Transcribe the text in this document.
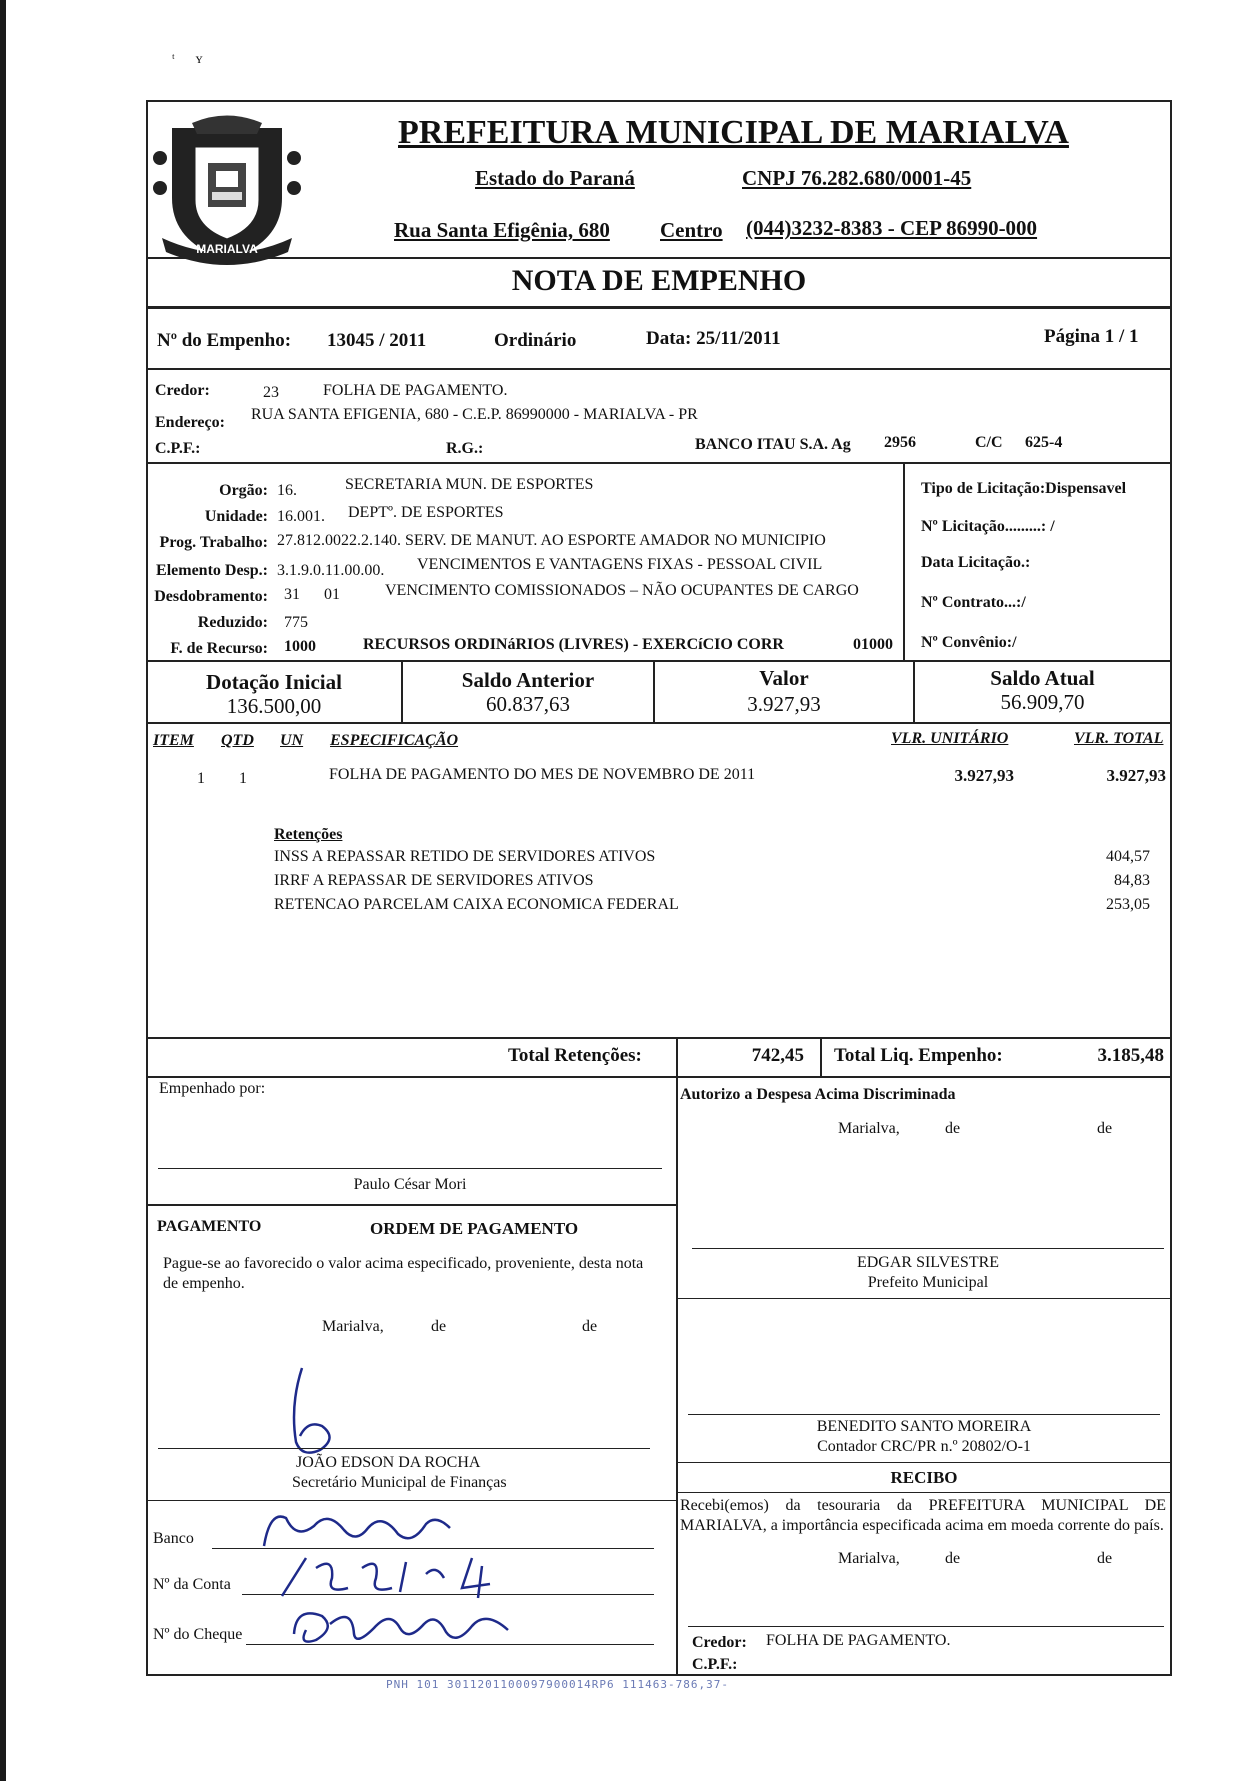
ᵗ      ʏ
MARIALVA
PREFEITURA MUNICIPAL DE MARIALVA
Estado do Paraná	CNPJ 76.282.680/0001-45
Rua Santa Efigênia, 680 Centro (044)3232-8383 - CEP 86990-000
NOTA DE EMPENHO
Nº do Empenho: 13045 / 2011	Ordinário	Data: 25/11/2011	Página 1 / 1
Credor:	23	FOLHA DE PAGAMENTO.
Endereço: RUA SANTA EFIGENIA, 680 - C.E.P. 86990000 - MARIALVA - PR
C.P.F.:	R.G.:	BANCO ITAU S.A. Ag 2956	C/C 625-4
Orgão: 16.	SECRETARIA MUN. DE ESPORTES
Unidade: 16.001. DEPTº. DE ESPORTES
Prog. Trabalho: 27.812.0022.2.140. SERV. DE MANUT. AO ESPORTE AMADOR NO MUNICIPIO
Elemento Desp.: 3.1.9.0.11.00.00. VENCIMENTOS E VANTAGENS FIXAS - PESSOAL CIVIL
Desdobramento: 31      01	VENCIMENTO COMISSIONADOS – NÃO OCUPANTES DE CARGO
Reduzido: 775
F. de Recurso: 1000	RECURSOS ORDINáRIOS (LIVRES) - EXERCíCIO CORR	01000
Tipo de Licitação:Dispensavel
Nº Licitação.........: /
Data Licitação.:
Nº Contrato...:/
Nº Convênio:/
Dotação Inicial
136.500,00
Saldo Anterior
60.837,63
Valor
3.927,93
Saldo Atual
56.909,70
ITEM QTD UN ESPECIFICAÇÃO	VLR. UNITÁRIO	VLR. TOTAL
1 1	FOLHA DE PAGAMENTO DO MES DE NOVEMBRO DE 2011	3.927,93	3.927,93
Retenções
INSS A REPASSAR RETIDO DE SERVIDORES ATIVOS	404,57
IRRF A REPASSAR DE SERVIDORES ATIVOS	84,83
RETENCAO PARCELAM CAIXA ECONOMICA FEDERAL	253,05
Total Retenções:	742,45 Total Liq. Empenho:	3.185,48
Empenhado por:
Paulo César Mori
Autorizo a Despesa Acima Discriminada
Marialva,	de	de
PAGAMENTO	ORDEM DE PAGAMENTO
Pague-se ao favorecido o valor acima especificado, proveniente, desta nota de empenho.
Marialva,	de	de
EDGAR SILVESTRE
Prefeito Municipal
JOÃO EDSON DA ROCHA
Secretário Municipal de Finanças
BENEDITO SANTO MOREIRA
Contador CRC/PR n.º 20802/O-1
RECIBO
Recebi(emos) da tesouraria da PREFEITURA MUNICIPAL DE MARIALVA, a importância especificada acima em moeda corrente do país.
Marialva,	de	de
Banco
Nº da Conta
Nº do Cheque	Credor: FOLHA DE PAGAMENTO.
C.P.F.:
PNH 101 3011201100097900014RP6 111463-786,37-
